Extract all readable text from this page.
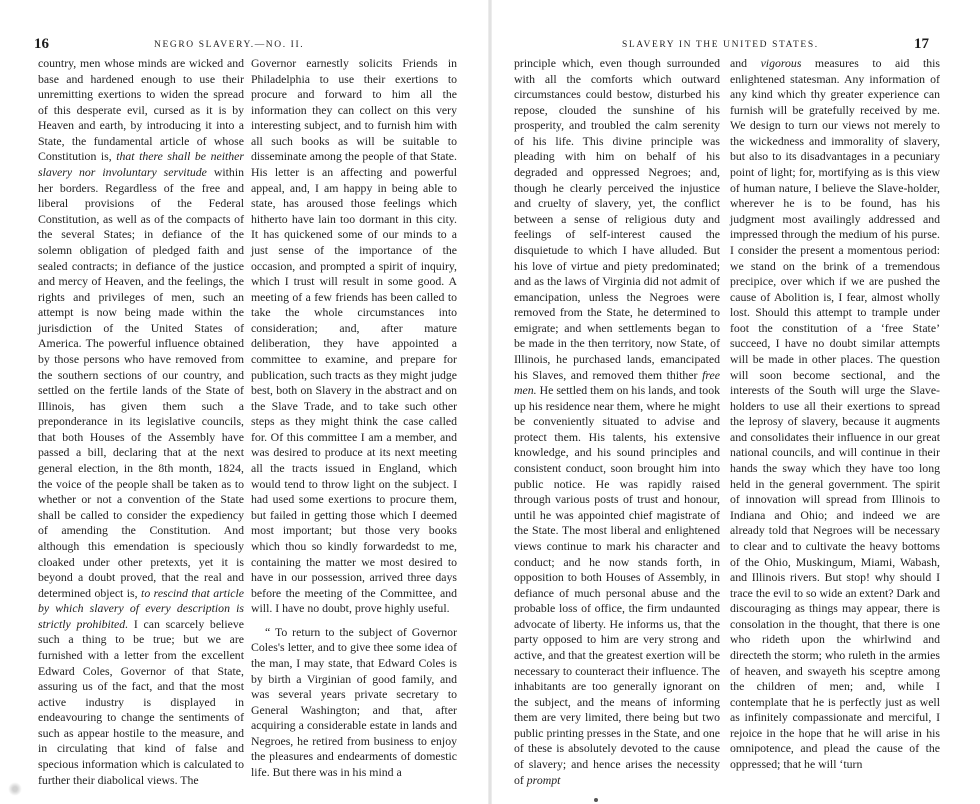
16	NEGRO SLAVERY.—NO. II.

country, men whose minds are wicked and base and hardened enough to use their unremitting exertions to widen the spread of this desperate evil, cursed as it is by Heaven and earth, by introducing it into a State, the fundamental article of whose Constitution is, that there shall be neither slavery nor involuntary servitude within her borders. Regardless of the free and liberal provisions of the Federal Constitution, as well as of the compacts of the several States; in defiance of the solemn obligation of pledged faith and sealed contracts; in defiance of the justice and mercy of Heaven, and the feelings, the rights and privileges of men, such an attempt is now being made within the jurisdiction of the United States of America. The powerful influence obtained by those persons who have removed from the southern sections of our country, and settled on the fertile lands of the State of Illinois, has given them such a preponderance in its legislative councils, that both Houses of the Assembly have passed a bill, declaring that at the next general election, in the 8th month, 1824, the voice of the people shall be taken as to whether or not a convention of the State shall be called to consider the expediency of amending the Constitution. And although this emendation is speciously cloaked under other pretexts, yet it is beyond a doubt proved, that the real and determined object is, to rescind that article by which slavery of every description is strictly prohibited. I can scarcely believe such a thing to be true; but we are furnished with a letter from the excellent Edward Coles, Governor of that State, assuring us of the fact, and that the most active industry is displayed in endeavouring to change the sentiments of such as appear hostile to the measure, and in circulating that kind of false and specious information which is calculated to further their diabolical views. The

Governor earnestly solicits Friends in Philadelphia to use their exertions to procure and forward to him all the information they can collect on this very interesting subject, and to furnish him with all such books as will be suitable to disseminate among the people of that State. His letter is an affecting and powerful appeal, and, I am happy in being able to state, has aroused those feelings which hitherto have lain too dormant in this city. It has quickened some of our minds to a just sense of the importance of the occasion, and prompted a spirit of inquiry, which I trust will result in some good. A meeting of a few friends has been called to take the whole circumstances into consideration; and, after mature deliberation, they have appointed a committee to examine, and prepare for publication, such tracts as they might judge best, both on Slavery in the abstract and on the Slave Trade, and to take such other steps as they might think the case called for. Of this committee I am a member, and was desired to produce at its next meeting all the tracts issued in England, which would tend to throw light on the subject. I had used some exertions to procure them, but failed in getting those which I deemed most important; but those very books which thou so kindly forwardedst to me, containing the matter we most desired to have in our possession, arrived three days before the meeting of the Committee, and will. I have no doubt, prove highly useful.

“ To return to the subject of Governor Coles's letter, and to give thee some idea of the man, I may state, that Edward Coles is by birth a Virginian of good family, and was several years private secretary to General Washington; and that, after acquiring a considerable estate in lands and Negroes, he retired from business to enjoy the pleasures and endearments of domestic life. But there was in his mind a

SLAVERY IN THE UNITED STATES.	17

principle which, even though surrounded with all the comforts which outward circumstances could bestow, disturbed his repose, clouded the sunshine of his prosperity, and troubled the calm serenity of his life. This divine principle was pleading with him on behalf of his degraded and oppressed Negroes; and, though he clearly perceived the injustice and cruelty of slavery, yet, the conflict between a sense of religious duty and feelings of self-interest caused the disquietude to which I have alluded. But his love of virtue and piety predominated; and as the laws of Virginia did not admit of emancipation, unless the Negroes were removed from the State, he determined to emigrate; and when settlements began to be made in the then territory, now State, of Illinois, he purchased lands, emancipated his Slaves, and removed them thither free men. He settled them on his lands, and took up his residence near them, where he might be conveniently situated to advise and protect them. His talents, his extensive knowledge, and his sound principles and consistent conduct, soon brought him into public notice. He was rapidly raised through various posts of trust and honour, until he was appointed chief magistrate of the State. The most liberal and enlightened views continue to mark his character and conduct; and he now stands forth, in opposition to both Houses of Assembly, in defiance of much personal abuse and the probable loss of office, the firm undaunted advocate of liberty. He informs us, that the party opposed to him are very strong and active, and that the greatest exertion will be necessary to counteract their influence. The inhabitants are too generally ignorant on the subject, and the means of informing them are very limited, there being but two public printing presses in the State, and one of these is absolutely devoted to the cause of slavery; and hence arises the necessity of prompt

and vigorous measures to aid this enlightened statesman. Any information of any kind which thy greater experience can furnish will be gratefully received by me. We design to turn our views not merely to the wickedness and immorality of slavery, but also to its disadvantages in a pecuniary point of light; for, mortifying as is this view of human nature, I believe the Slave-holder, wherever he is to be found, has his judgment most availingly addressed and impressed through the medium of his purse. I consider the present a momentous period: we stand on the brink of a tremendous precipice, over which if we are pushed the cause of Abolition is, I fear, almost wholly lost. Should this attempt to trample under foot the constitution of a ‘free State’ succeed, I have no doubt similar attempts will be made in other places. The question will soon become sectional, and the interests of the South will urge the Slave-holders to use all their exertions to spread the leprosy of slavery, because it augments and consolidates their influence in our great national councils, and will continue in their hands the sway which they have too long held in the general government. The spirit of innovation will spread from Illinois to Indiana and Ohio; and indeed we are already told that Negroes will be necessary to clear and to cultivate the heavy bottoms of the Ohio, Muskingum, Miami, Wabash, and Illinois rivers. But stop! why should I trace the evil to so wide an extent? Dark and discouraging as things may appear, there is consolation in the thought, that there is one who rideth upon the whirlwind and directeth the storm; who ruleth in the armies of heaven, and swayeth his sceptre among the children of men; and, while I contemplate that he is perfectly just as well as infinitely compassionate and merciful, I rejoice in the hope that he will arise in his omnipotence, and plead the cause of the oppressed; that he will ‘turn
